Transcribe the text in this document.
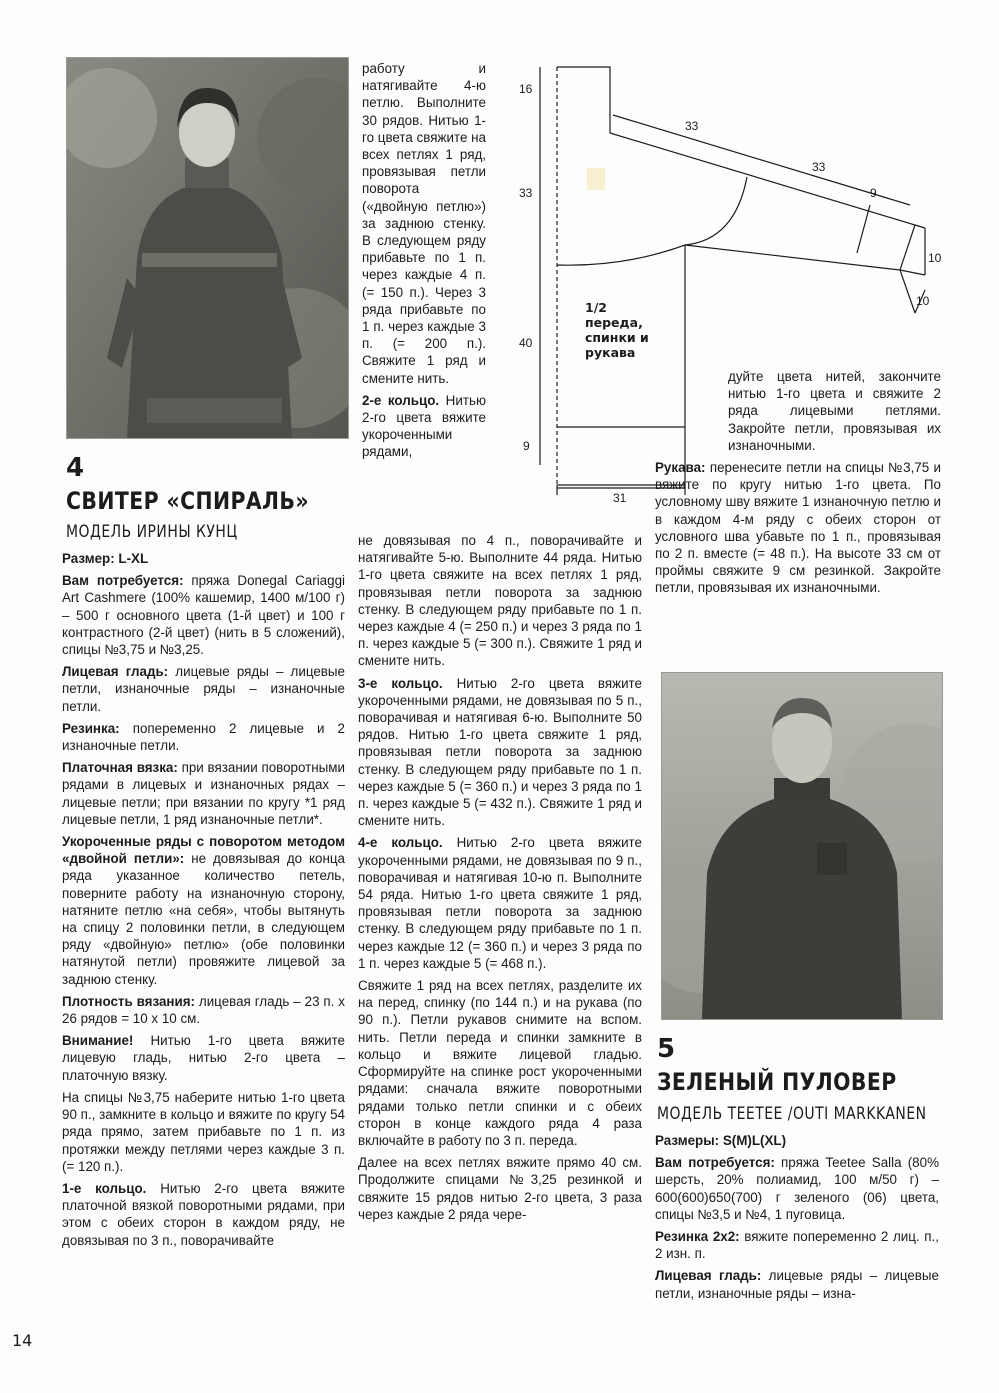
4
СВИТЕР «СПИРАЛЬ»
МОДЕЛЬ ИРИНЫ КУНЦ

Размер: L-XL

Вам потребуется: пряжа Donegal Cariaggi Art Cashmere (100% кашемир, 1400 м/100 г) – 500 г основного цвета (1-й цвет) и 100 г контрастного (2-й цвет) (нить в 5 сложений), спицы №3,75 и №3,25.

Лицевая гладь: лицевые ряды – лицевые петли, изнаночные ряды – изнаночные петли.

Резинка: попеременно 2 лицевые и 2 изнаночные петли.

Платочная вязка: при вязании поворотными рядами в лицевых и изнаночных рядах – лицевые петли; при вязании по кругу *1 ряд лицевые петли, 1 ряд изнаночные петли*.

Укороченные ряды с поворотом методом «двойной петли»: не довязывая до конца ряда указанное количество петель, поверните работу на изнаночную сторону, натяните петлю «на себя», чтобы вытянуть на спицу 2 половинки петли, в следующем ряду «двойную» петлю» (обе половинки натянутой петли) провяжите лицевой за заднюю стенку.

Плотность вязания: лицевая гладь – 23 п. х 26 рядов = 10 х 10 см.

Внимание! Нитью 1-го цвета вяжите лицевую гладь, нитью 2-го цвета – платочную вязку.

На спицы №3,75 наберите нитью 1-го цвета 90 п., замкните в кольцо и вяжите по кругу 54 ряда прямо, затем прибавьте по 1 п. из протяжки между петлями через каждые 3 п. (= 120 п.).

1-е кольцо. Нитью 2-го цвета вяжите платочной вязкой поворотными рядами, при этом с обеих сторон в каждом ряду, не довязывая по 3 п., поворачивайте

работу и натягивайте 4-ю петлю. Выполните 30 рядов. Нитью 1-го цвета свяжите на всех петлях 1 ряд, провязывая петли поворота («двойную петлю») за заднюю стенку. В следующем ряду прибавьте по 1 п. через каждые 4 п.(= 150 п.). Через 3 ряда прибавьте по 1 п. через каждые 3 п. (= 200 п.). Свяжите 1 ряд и смените нить.

2-е кольцо. Нитью 2-го цвета вяжите укороченными рядами,

не довязывая по 4 п., поворачивайте и натягивайте 5-ю. Выполните 44 ряда. Нитью 1-го цвета свяжите на всех петлях 1 ряд, провязывая петли поворота за заднюю стенку. В следующем ряду прибавьте по 1 п. через каждые 4 (= 250 п.) и через 3 ряда по 1 п. через каждые 5 (= 300 п.). Свяжите 1 ряд и смените нить.

3-е кольцо. Нитью 2-го цвета вяжите укороченными рядами, не довязывая по 5 п., поворачивая и натягивая 6-ю. Выполните 50 рядов. Нитью 1-го цвета свяжите 1 ряд, провязывая петли поворота за заднюю стенку. В следующем ряду прибавьте по 1 п. через каждые 5 (= 360 п.) и через 3 ряда по 1 п. через каждые 5 (= 432 п.). Свяжите 1 ряд и смените нить.

4-е кольцо. Нитью 2-го цвета вяжите укороченными рядами, не довязывая по 9 п., поворачивая и натягивая 10-ю п. Выполните 54 ряда. Нитью 1-го цвета свяжите 1 ряд, провязывая петли поворота за заднюю стенку. В следующем ряду прибавьте по 1 п. через каждые 12 (= 360 п.) и через 3 ряда по 1 п. через каждые 5 (= 468 п.).

Свяжите 1 ряд на всех петлях, разделите их на перед, спинку (по 144 п.) и на рукава (по 90 п.). Петли рукавов снимите на вспом. нить. Петли переда и спинки замкните в кольцо и вяжите лицевой гладью. Сформируйте на спинке рост укороченными рядами: сначала вяжите поворотными рядами только петли спинки и с обеих сторон в конце каждого ряда 4 раза включайте в работу по 3 п. переда.

Далее на всех петлях вяжите прямо 40 см. Продолжите спицами №3,25 резинкой и свяжите 15 рядов нитью 2-го цвета, 3 раза через каждые 2 ряда чере-

16
33
40
9
31
33
33
9
10
10
1/2 переда, спинки и рукава

дуйте цвета нитей, закончите нитью 1-го цвета и свяжите 2 ряда лицевыми петлями. Закройте петли, провязывая их изнаночными.

Рукава: перенесите петли на спицы №3,75 и вяжите по кругу нитью 1-го цвета. По условному шву вяжите 1 изнаночную петлю и в каждом 4-м ряду с обеих сторон от условного шва убавьте по 1 п., провязывая по 2 п. вместе (= 48 п.). На высоте 33 см от проймы свяжите 9 см резинкой. Закройте петли, провязывая их изнаночными.

5
ЗЕЛЕНЫЙ ПУЛОВЕР
МОДЕЛЬ TEETEE /OUTI MARKKANEN

Размеры: S(M)L(XL)

Вам потребуется: пряжа Teetee Salla (80% шерсть, 20% полиамид, 100 м/50 г) – 600(600)650(700) г зеленого (06) цвета, спицы №3,5 и №4, 1 пуговица.

Резинка 2х2: вяжите попеременно 2 лиц. п., 2 изн. п.

Лицевая гладь: лицевые ряды – лицевые петли, изнаночные ряды – изна-

14
